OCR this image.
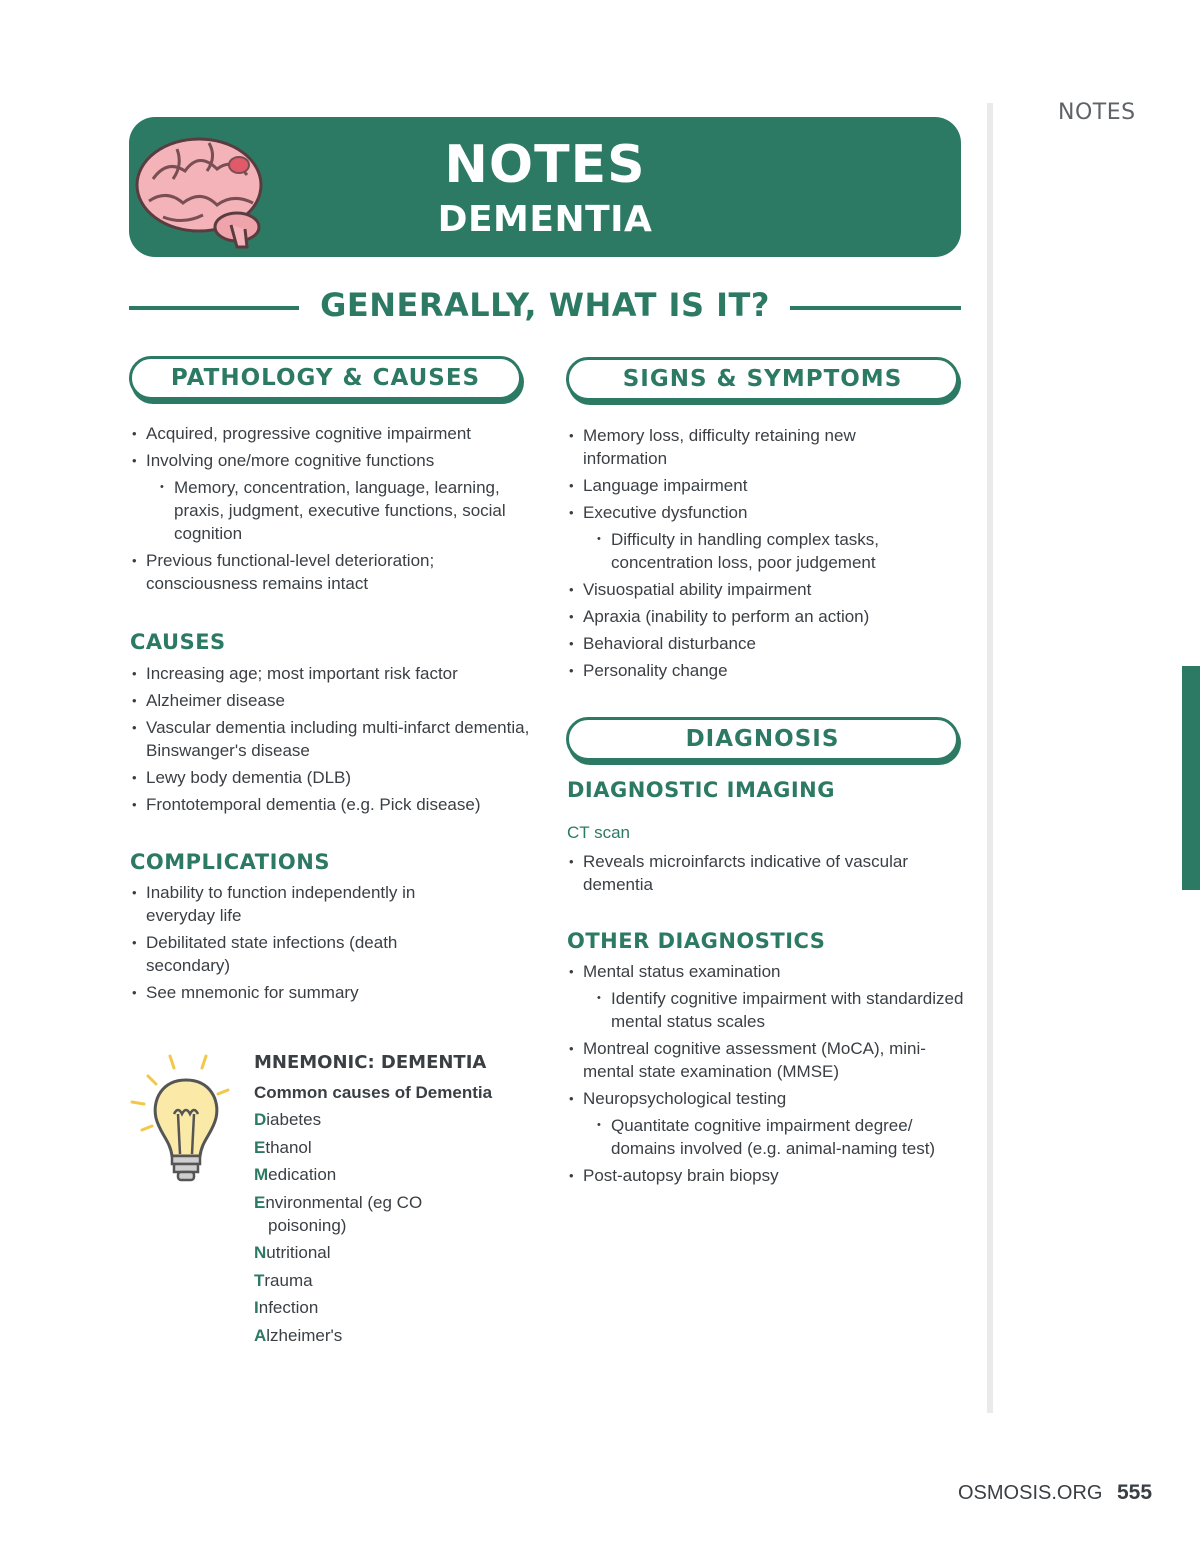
NOTES
NOTES
DEMENTIA
GENERALLY, WHAT IS IT?
PATHOLOGY & CAUSES
• Acquired, progressive cognitive impairment
• Involving one/more cognitive functions
• Memory, concentration, language, learning, praxis, judgment, executive functions, social cognition
• Previous functional-level deterioration; consciousness remains intact
CAUSES
• Increasing age; most important risk factor
• Alzheimer disease
• Vascular dementia including multi-infarct dementia, Binswanger's disease
• Lewy body dementia (DLB)
• Frontotemporal dementia (e.g. Pick disease)
COMPLICATIONS
• Inability to function independently in everyday life
• Debilitated state infections (death secondary)
• See mnemonic for summary
MNEMONIC: DEMENTIA
Common causes of Dementia
Diabetes
Ethanol
Medication
Environmental (eg CO
poisoning)
Nutritional
Trauma
Infection
Alzheimer's
SIGNS & SYMPTOMS
• Memory loss, difficulty retaining new information
• Language impairment
• Executive dysfunction
• Difficulty in handling complex tasks, concentration loss, poor judgement
• Visuospatial ability impairment
• Apraxia (inability to perform an action)
• Behavioral disturbance
• Personality change
DIAGNOSIS
DIAGNOSTIC IMAGING
CT scan
• Reveals microinfarcts indicative of vascular dementia
OTHER DIAGNOSTICS
• Mental status examination
• Identify cognitive impairment with standardized mental status scales
• Montreal cognitive assessment (MoCA), mini-mental state examination (MMSE)
• Neuropsychological testing
• Quantitate cognitive impairment degree/ domains involved (e.g. animal-naming test)
• Post-autopsy brain biopsy
OSMOSIS.ORG 555
